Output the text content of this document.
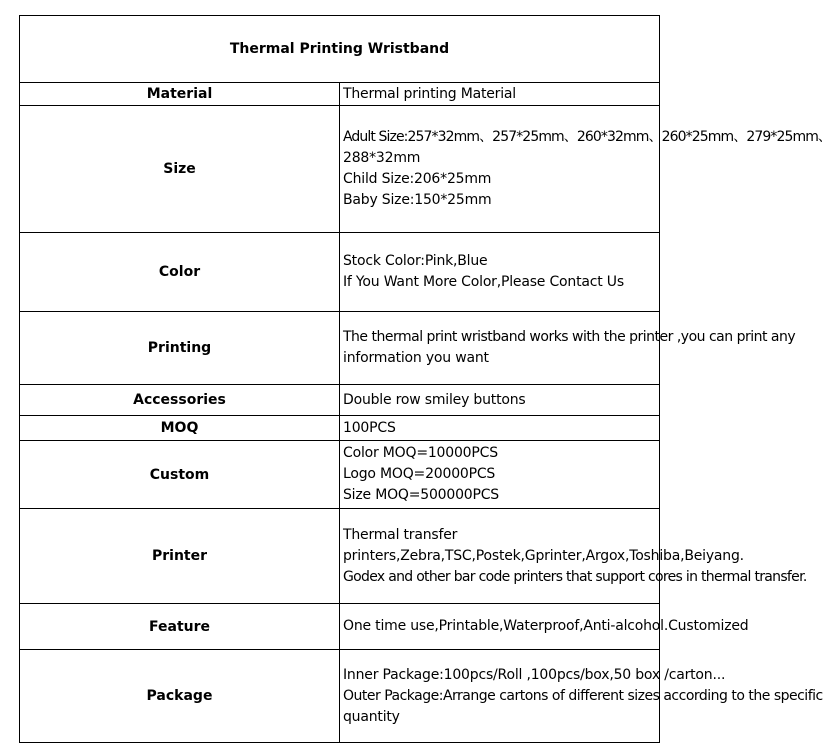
Thermal Printing Wristband	
Material	Thermal printing Material

Size	Adult Size:257*32mm、257*25mm、260*32mm、260*25mm、279*25mm、
288*32mm
Child Size:206*25mm
Baby Size:150*25mm

Color	Stock Color:Pink,Blue
If You Want More Color,Please Contact Us

Printing	The thermal print wristband works with the printer ,you can print any
information you want

Accessories	Double row smiley buttons

MOQ	100PCS

Custom	Color MOQ=10000PCS
Logo MOQ=20000PCS
Size MOQ=500000PCS

Printer	Thermal transfer
printers,Zebra,TSC,Postek,Gprinter,Argox,Toshiba,Beiyang.
Godex and other bar code printers that support cores in thermal transfer.

Feature	One time use,Printable,Waterproof,Anti-alcohol.Customized

Package	Inner Package:100pcs/Roll ,100pcs/box,50 box /carton...
Outer Package:Arrange cartons of different sizes according to the specific
quantity
